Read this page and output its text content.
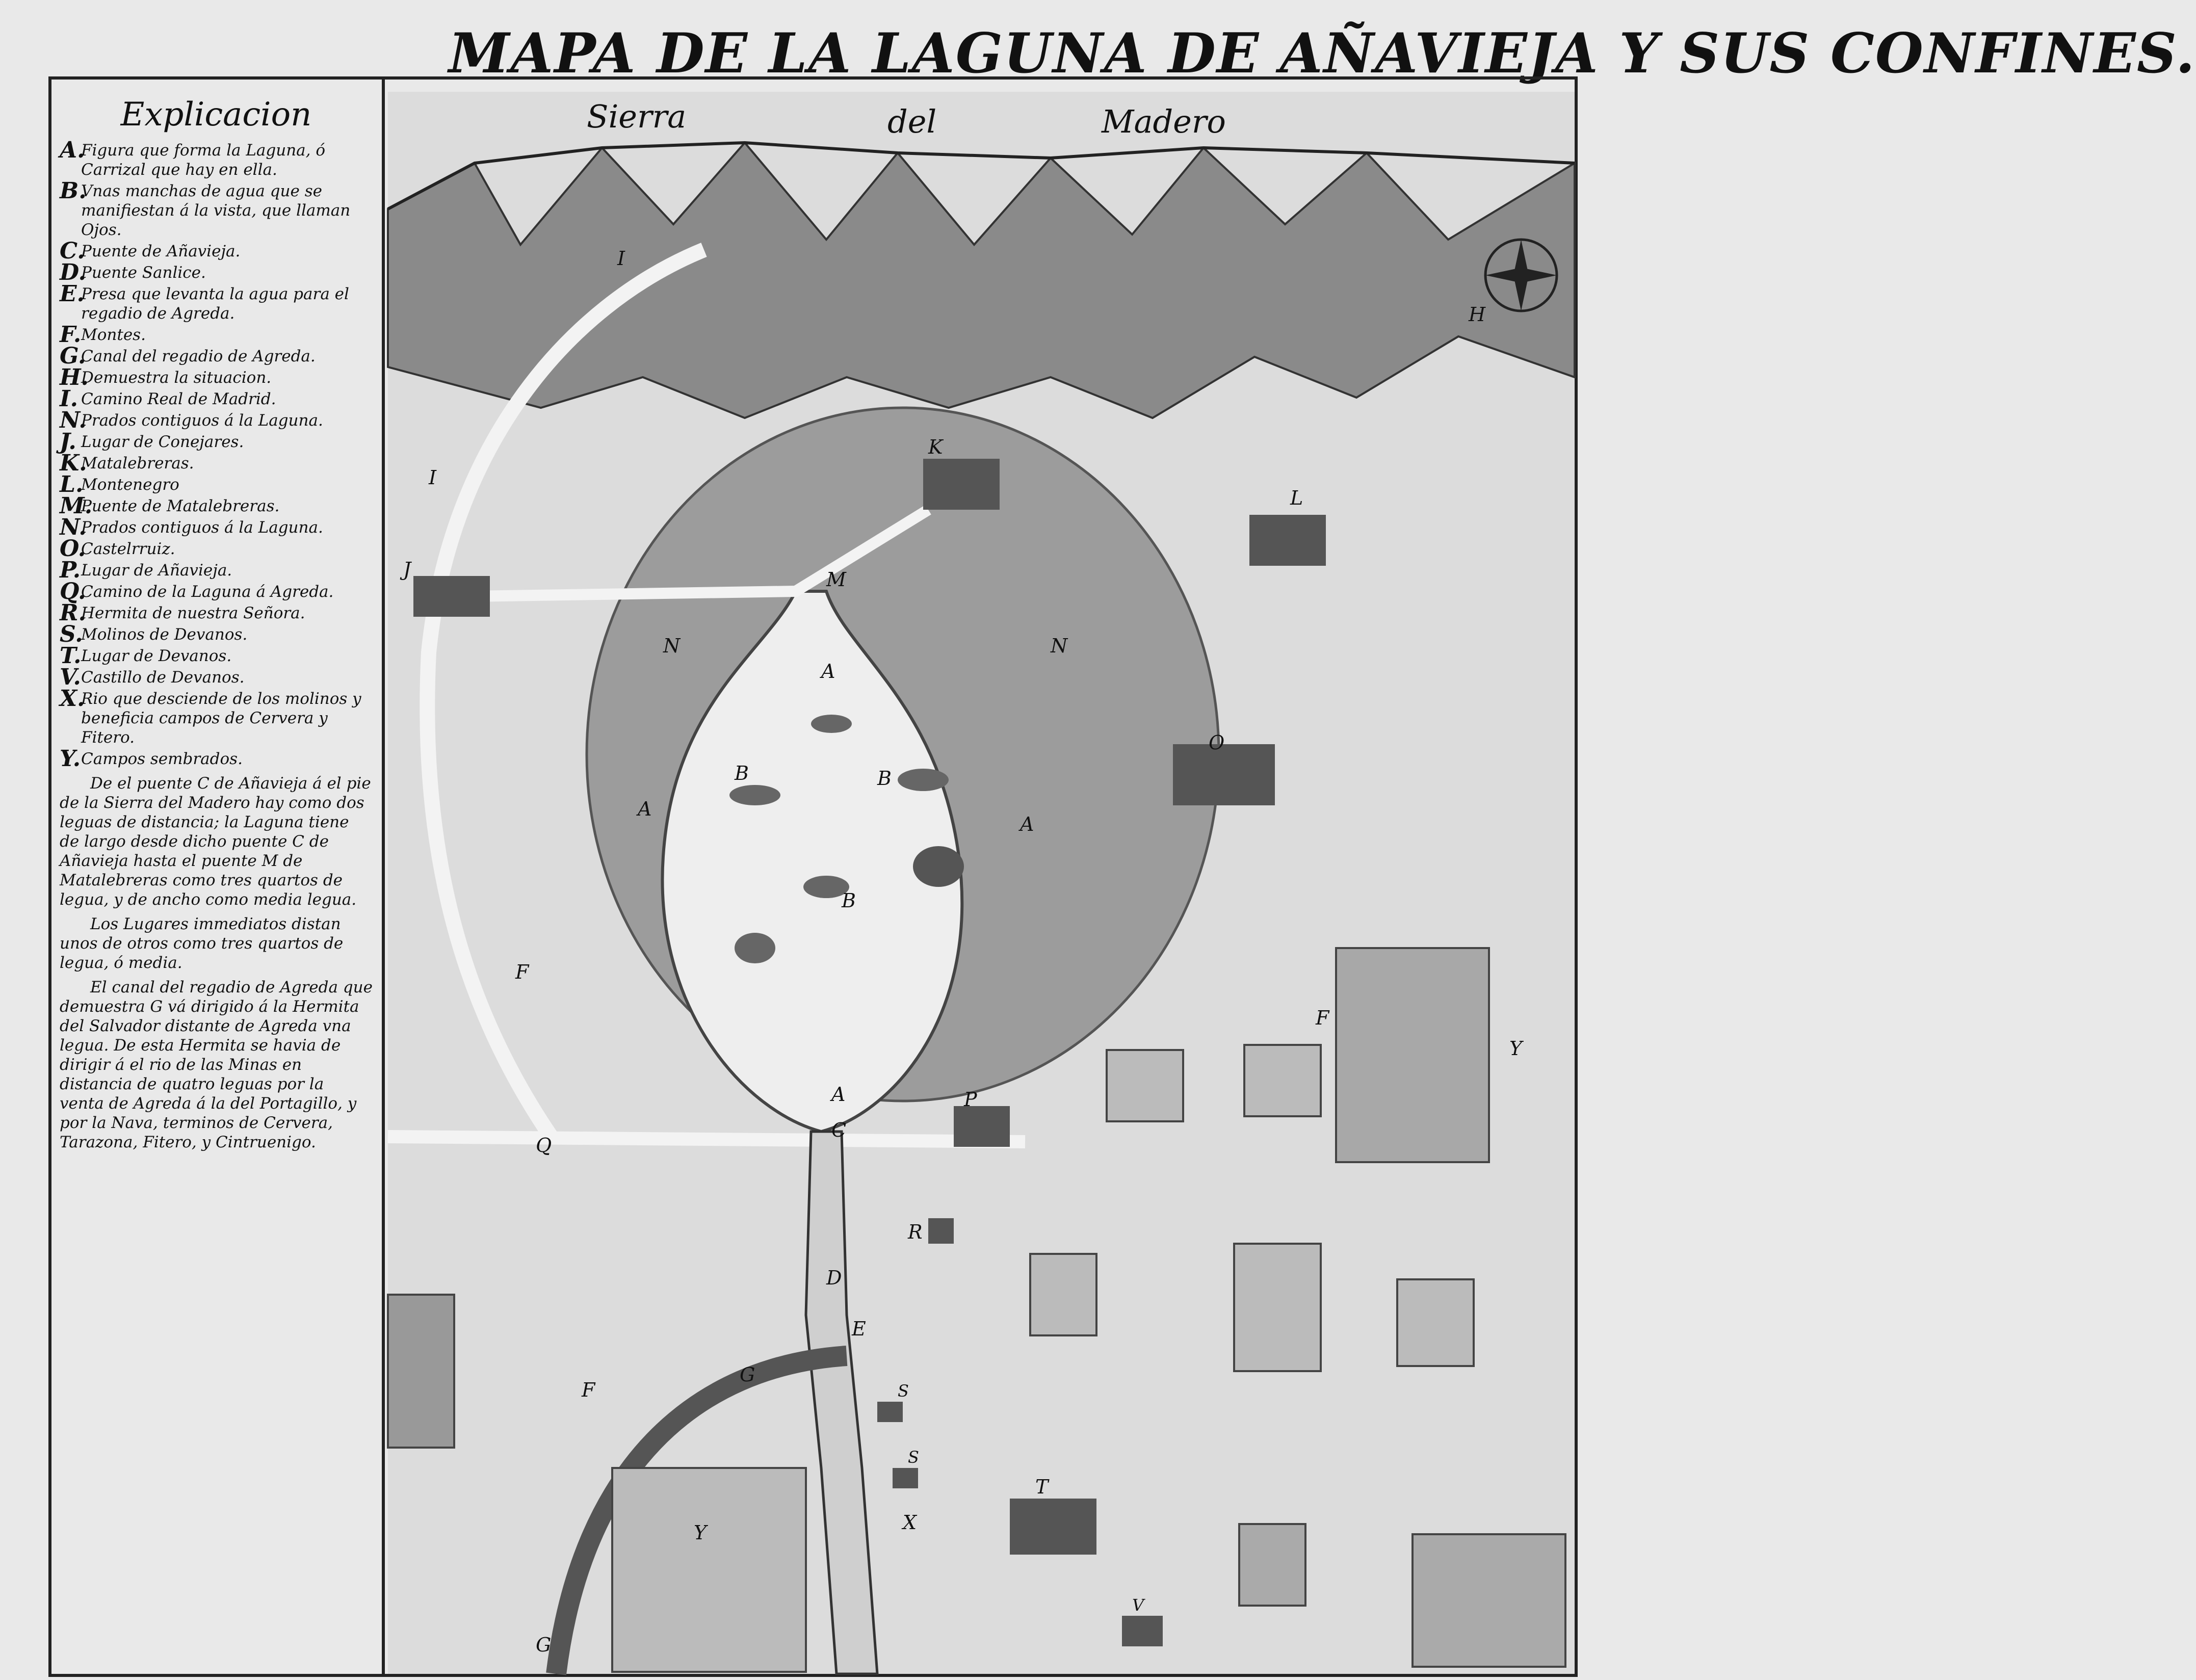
MAPA DE LA LAGUNA DE AÑAVIEJA Y SUS CONFINES.
Explicacion
A.
Figura que forma la Laguna, ó Carrizal que hay en ella.
B.
Vnas manchas de agua que se manifiestan á la vista, que llaman Ojos.
C.
Puente de Añavieja.
D.
Puente Sanlice.
E.
Presa que levanta la agua para el regadio de Agreda.
F. Montes.
G.
Canal del regadio de Agreda.
H.
Demuestra la situacion.
I. Camino Real de Madrid.
N.
Prados contiguos á la Laguna.
J. Lugar de Conejares.
K.
Matalebreras.
L.
Montenegro
M.
Puente de Matalebreras.
N.
Prados contiguos á la Laguna.
O.
Castelrruiz.
P. Lugar de Añavieja.
Q.
Camino de la Laguna á Agreda.
R.
Hermita de nuestra Señora.
S.
Molinos de Devanos.
T. Lugar de Devanos.
V. Castillo de Devanos.
X.
Rio que desciende de los molinos y beneficia campos de Cervera y Fitero.
Y. Campos sembrados.
De el puente C de Añavieja á el pie de la Sierra del Madero hay como dos leguas de distancia; la Laguna tiene de largo desde dicho puente C de Añavieja hasta el puente M de Matalebreras como tres quartos de legua, y de ancho como media legua.
Los Lugares immediatos distan unos de otros como tres quartos de legua, ó media.
El canal del regadio de Agreda que demuestra G vá dirigido á la Hermita del Salvador distante de Agreda vna legua. De esta Hermita se havia de dirigir á el rio de las Minas en distancia de quatro leguas por la venta de Agreda á la del Portagillo, y por la Nava, terminos de Cervera, Tarazona, Fitero, y Cintruenigo.
Sierra	del	Madero
A
A
A
A
B	B
B
C
D
E
F
F
F
G
G
H
I
I
J
K
L
M
N	N
O
P
Q
R
S
S
T
V
X
Y
Y
